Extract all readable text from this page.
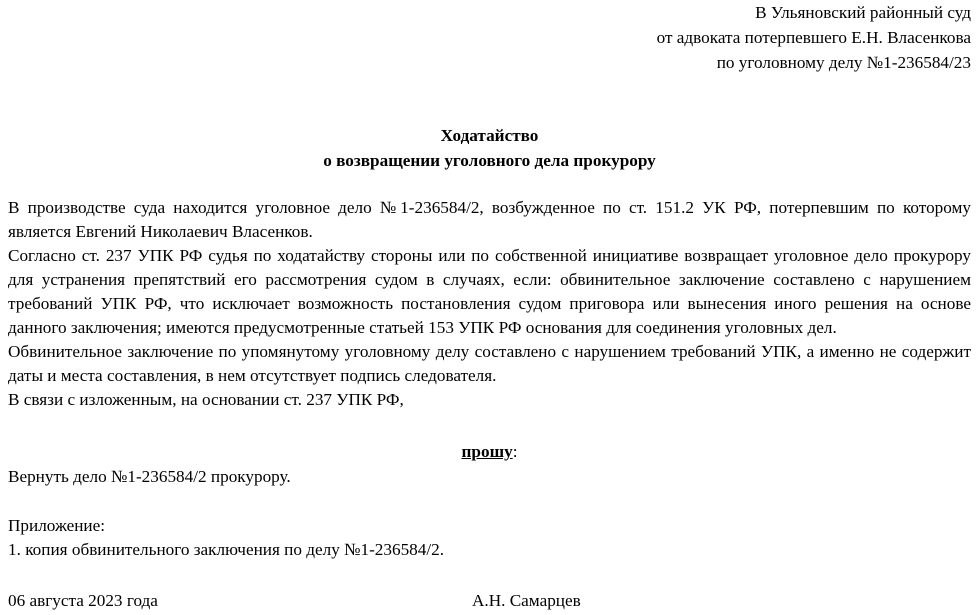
В Ульяновский районный суд
от адвоката потерпевшего Е.Н. Власенкова
по уголовному делу №1-236584/23
Ходатайство
о возвращении уголовного дела прокурору

В производстве суда находится уголовное дело №1-236584/2, возбужденное по ст. 151.2 УК РФ, потерпевшим по которому является Евгений Николаевич Власенков.

Согласно ст. 237 УПК РФ судья по ходатайству стороны или по собственной инициативе возвращает уголовное дело прокурору для устранения препятствий его рассмотрения судом в случаях, если: обвинительное заключение составлено с нарушением требований УПК РФ, что исключает возможность постановления судом приговора или вынесения иного решения на основе данного заключения; имеются предусмотренные статьей 153 УПК РФ основания для соединения уголовных дел.

Обвинительное заключение по упомянутому уголовному делу составлено с нарушением требований УПК, а именно не содержит даты и места составления, в нем отсутствует подпись следователя.

В связи с изложенным, на основании ст. 237 УПК РФ,

прошу:
Вернуть дело №1-236584/2 прокурору.
Приложение:
1. копия обвинительного заключения по делу №1-236584/2.
06 августа 2023 года	А.Н. Самарцев
